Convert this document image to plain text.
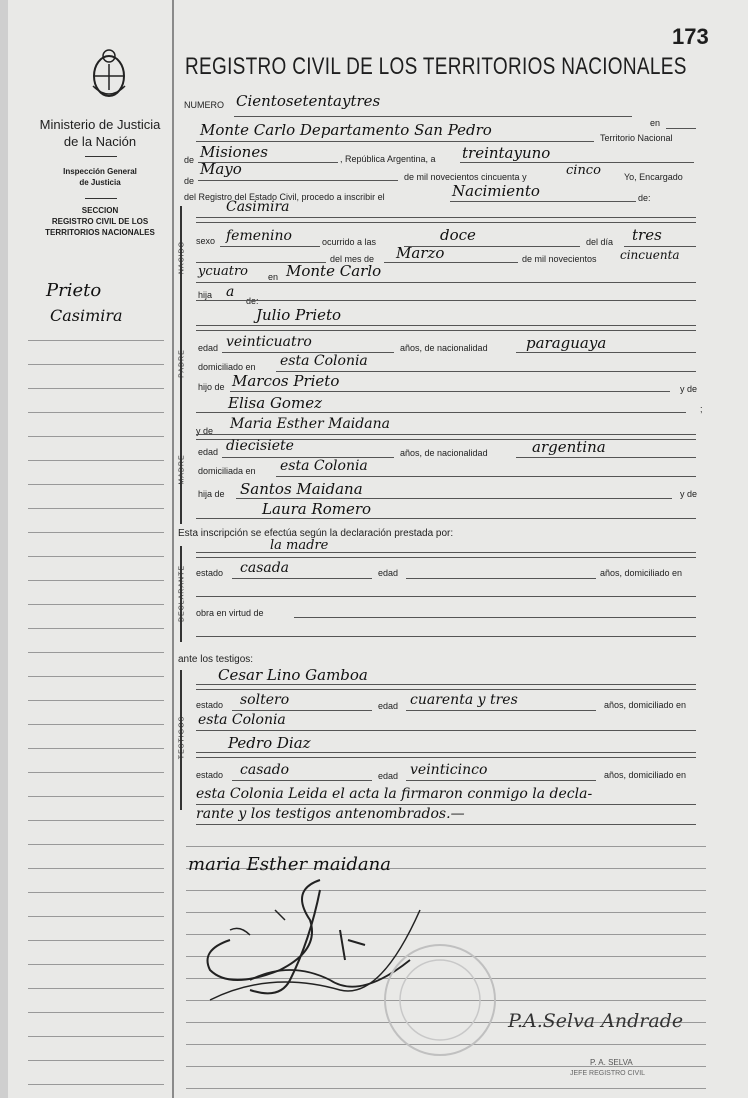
Ministerio de Justicia
de la Nación
Inspección General
de Justicia
SECCION
REGISTRO CIVIL DE LOS
TERRITORIOS NACIONALES
Prieto
Casimira
173
REGISTRO CIVIL DE LOS TERRITORIOS NACIONALES
NUMERO Cientosetentaytres
en
Monte Carlo Departamento San Pedro	Territorio Nacional
de Misiones	, República Argentina, a treintayuno
de
Mayo	de mil novecientos cincuenta y	cinco	Yo, Encargado
del Registro del Estado Civil, procedo a inscribir el	Nacimiento	de:
NACIDO
Casimira
sexo femenino	ocurrido a las	doce	del día tres
del mes de Marzo	de mil novecientos cincuenta
ycuatro en Monte Carlo
hija a
de:
PADRE
Julio Prieto
edad veinticuatro	años, de nacionalidad	paraguaya
domiciliado en esta Colonia
hijo de Marcos Prieto	y de
Elisa Gomez	;
MADRE
y de Maria Esther Maidana
edad diecisiete	años, de nacionalidad	argentina
domiciliada en esta Colonia
hija de Santos Maidana	y de
Laura Romero
Esta inscripción se efectúa según la declaración prestada por:
DECLARANTE
la madre
estado casada	edad	años, domiciliado en
obra en virtud de
ante los testigos:
TESTIGOS
Cesar Lino Gamboa
estado soltero	edad cuarenta y tres	años, domiciliado en
esta Colonia
Pedro Diaz
estado casado	edad veinticinco	años, domiciliado en
esta Colonia Leida el acta la firmaron conmigo la decla-
rante y los testigos antenombrados.—
maria Esther maidana
P.A.Selva Andrade
P. A. SELVA
JEFE REGISTRO CIVIL
